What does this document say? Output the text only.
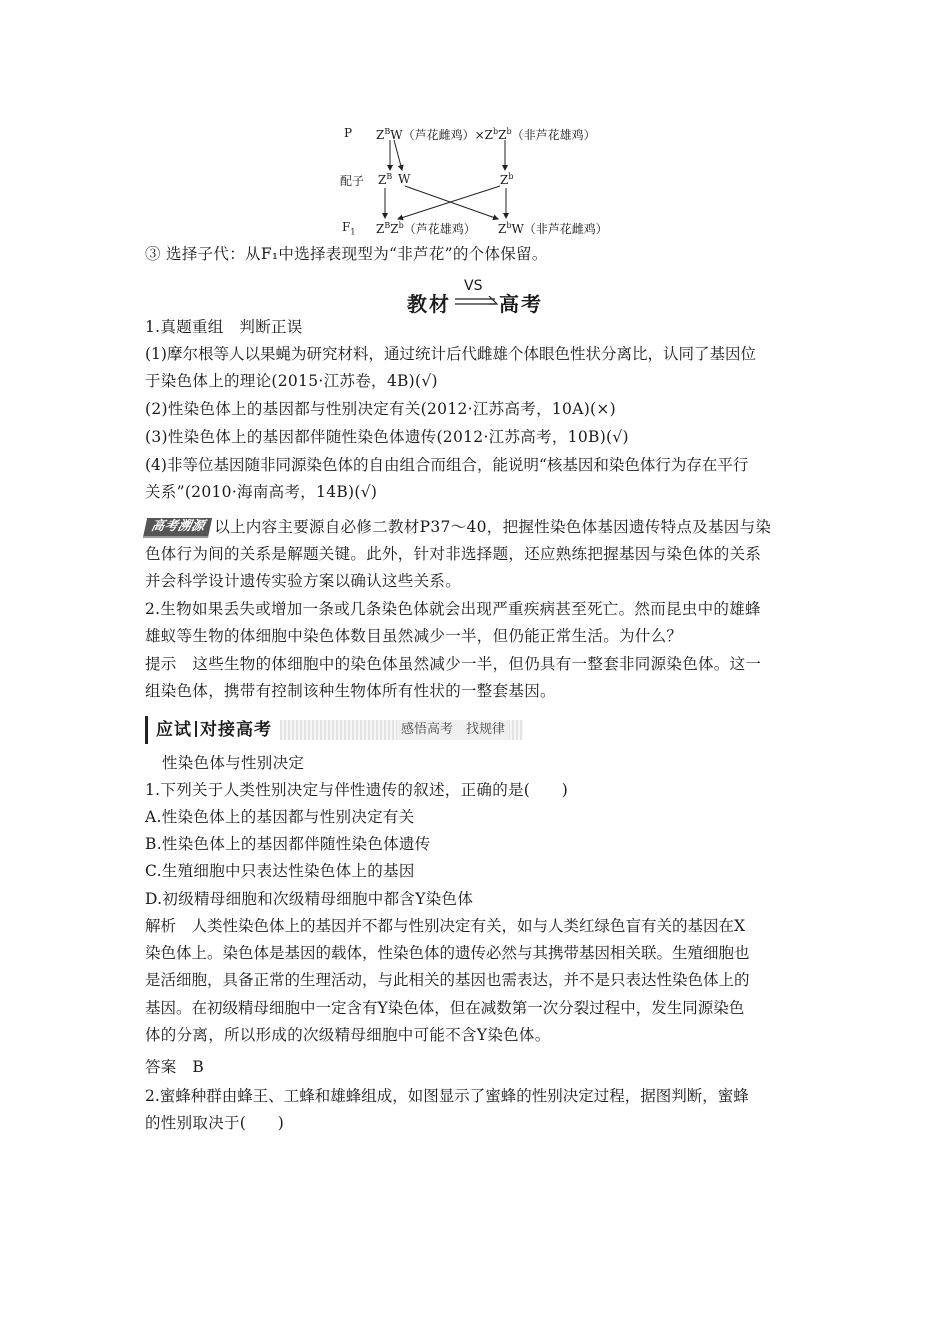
P $Z^BW$（芦花雌鸡）$\times Z^bZ^b$（非芦花雄鸡）
配子 $Z^B$ W	$Z^b$
$F_1$ $Z^BZ^b$（芦花雄鸡） $Z^bW$（非芦花雌鸡）
③ 选择子代：从F₁中选择表现型为“非芦花”的个体保留。
教材
VS
高考
1.真题重组　判断正误
(1)摩尔根等人以果蝇为研究材料，通过统计后代雌雄个体眼色性状分离比，认同了基因位
于染色体上的理论(2015·江苏卷，4B)(√)
(2)性染色体上的基因都与性别决定有关(2012·江苏高考，10A)(×)
(3)性染色体上的基因都伴随性染色体遗传(2012·江苏高考，10B)(√)
(4)非等位基因随非同源染色体的自由组合而组合，能说明“核基因和染色体行为存在平行
关系”(2010·海南高考，14B)(√)
高考溯源 以上内容主要源自必修二教材P37～40，把握性染色体基因遗传特点及基因与染
色体行为间的关系是解题关键。此外，针对非选择题，还应熟练把握基因与染色体的关系
并会科学设计遗传实验方案以确认这些关系。
2.生物如果丢失或增加一条或几条染色体就会出现严重疾病甚至死亡。然而昆虫中的雄蜂
雄蚁等生物的体细胞中染色体数目虽然减少一半，但仍能正常生活。为什么？
提示　这些生物的体细胞中的染色体虽然减少一半，但仍具有一整套非同源染色体。这一
组染色体，携带有控制该种生物体所有性状的一整套基因。
应试 对接高考	感悟高考　找规律
性染色体与性别决定
1.下列关于人类性别决定与伴性遗传的叙述，正确的是(　　)
A.性染色体上的基因都与性别决定有关
B.性染色体上的基因都伴随性染色体遗传
C.生殖细胞中只表达性染色体上的基因
D.初级精母细胞和次级精母细胞中都含Y染色体
解析　人类性染色体上的基因并不都与性别决定有关，如与人类红绿色盲有关的基因在X
染色体上。染色体是基因的载体，性染色体的遗传必然与其携带基因相关联。生殖细胞也
是活细胞，具备正常的生理活动，与此相关的基因也需表达，并不是只表达性染色体上的
基因。在初级精母细胞中一定含有Y染色体，但在减数第一次分裂过程中，发生同源染色
体的分离，所以形成的次级精母细胞中可能不含Y染色体。
答案　B
2.蜜蜂种群由蜂王、工蜂和雄蜂组成，如图显示了蜜蜂的性别决定过程，据图判断，蜜蜂
的性别取决于(　　)
